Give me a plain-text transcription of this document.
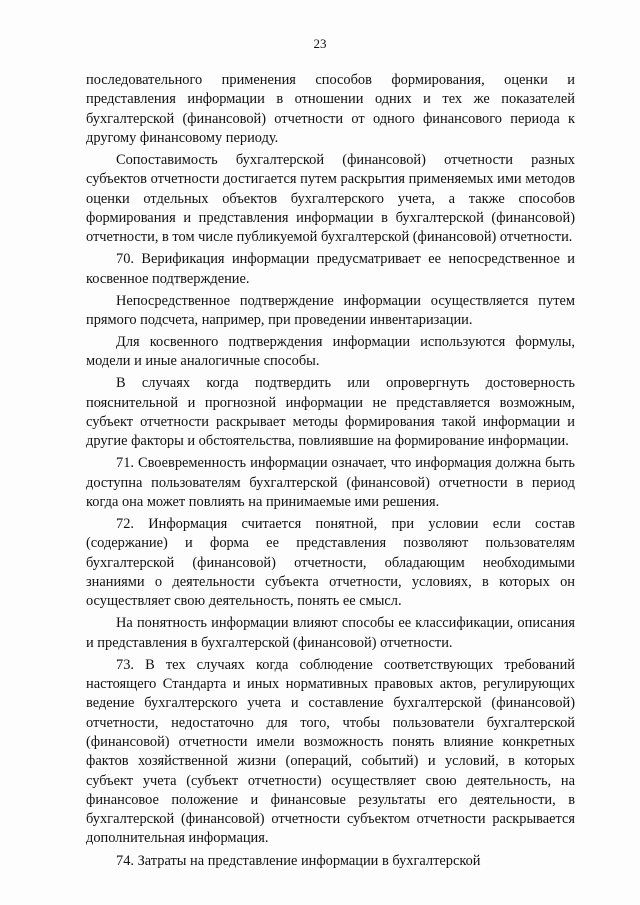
23

последовательного применения способов формирования, оценки и представления информации в отношении одних и тех же показателей бухгалтерской (финансовой) отчетности от одного финансового периода к другому финансовому периоду.

Сопоставимость бухгалтерской (финансовой) отчетности разных субъектов отчетности достигается путем раскрытия применяемых ими методов оценки отдельных объектов бухгалтерского учета, а также способов формирования и представления информации в бухгалтерской (финансовой) отчетности, в том числе публикуемой бухгалтерской (финансовой) отчетности.

70. Верификация информации предусматривает ее непосредственное и косвенное подтверждение.

Непосредственное подтверждение информации осуществляется путем прямого подсчета, например, при проведении инвентаризации.

Для косвенного подтверждения информации используются формулы, модели и иные аналогичные способы.

В случаях когда подтвердить или опровергнуть достоверность пояснительной и прогнозной информации не представляется возможным, субъект отчетности раскрывает методы формирования такой информации и другие факторы и обстоятельства, повлиявшие на формирование информации.

71. Своевременность информации означает, что информация должна быть доступна пользователям бухгалтерской (финансовой) отчетности в период когда она может повлиять на принимаемые ими решения.

72. Информация считается понятной, при условии если состав (содержание) и форма ее представления позволяют пользователям бухгалтерской (финансовой) отчетности, обладающим необходимыми знаниями о деятельности субъекта отчетности, условиях, в которых он осуществляет свою деятельность, понять ее смысл.

На понятность информации влияют способы ее классификации, описания и представления в бухгалтерской (финансовой) отчетности.

73. В тех случаях когда соблюдение соответствующих требований настоящего Стандарта и иных нормативных правовых актов, регулирующих ведение бухгалтерского учета и составление бухгалтерской (финансовой) отчетности, недостаточно для того, чтобы пользователи бухгалтерской (финансовой) отчетности имели возможность понять влияние конкретных фактов хозяйственной жизни (операций, событий) и условий, в которых субъект учета (субъект отчетности) осуществляет свою деятельность, на финансовое положение и финансовые результаты его деятельности, в бухгалтерской (финансовой) отчетности субъектом отчетности раскрывается дополнительная информация.

74. Затраты на представление информации в бухгалтерской
